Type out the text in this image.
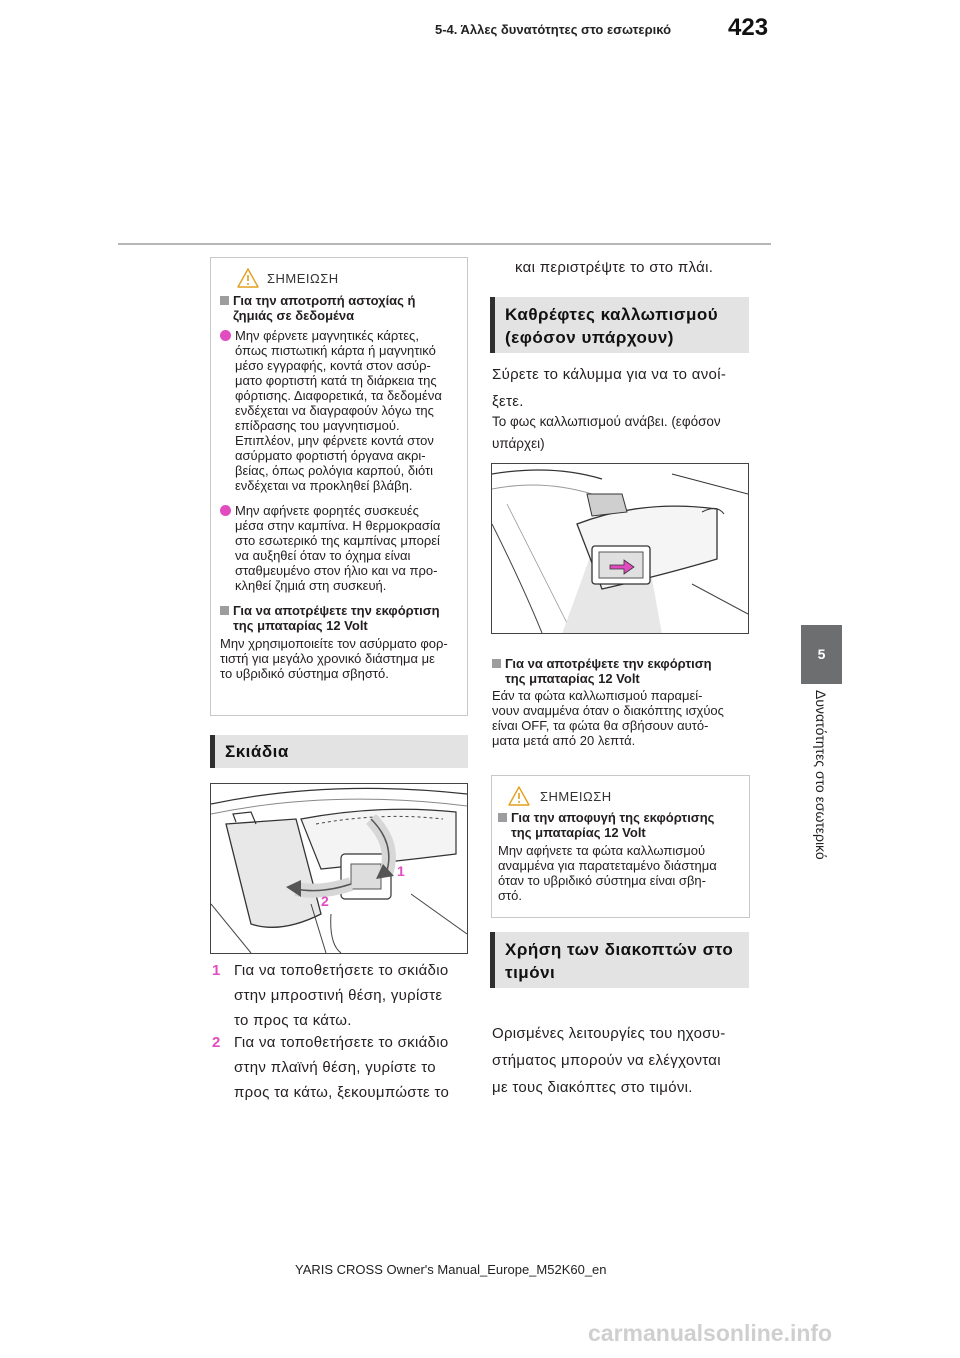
5-4. Άλλες δυνατότητες στο εσωτερικό 423
5
Δυνατότητες στο εσωτερικό
ΣΗΜΕΙΩΣΗ

Για την αποτροπή αστοχίας ή
ζημιάς σε δεδομένα

Μην φέρνετε μαγνητικές κάρτες,
όπως πιστωτική κάρτα ή μαγνητικό
μέσο εγγραφής, κοντά στον ασύρ-
ματο φορτιστή κατά τη διάρκεια της
φόρτισης. Διαφορετικά, τα δεδομένα
ενδέχεται να διαγραφούν λόγω της
επίδρασης του μαγνητισμού.
Επιπλέον, μην φέρνετε κοντά στον
ασύρματο φορτιστή όργανα ακρι-
βείας, όπως ρολόγια καρπού, διότι
ενδέχεται να προκληθεί βλάβη.

Μην αφήνετε φορητές συσκευές
μέσα στην καμπίνα. Η θερμοκρασία
στο εσωτερικό της καμπίνας μπορεί
να αυξηθεί όταν το όχημα είναι
σταθμευμένο στον ήλιο και να προ-
κληθεί ζημιά στη συσκευή.

Για να αποτρέψετε την εκφόρτιση
της μπαταρίας 12 Volt

Μην χρησιμοποιείτε τον ασύρματο φορ-
τιστή για μεγάλο χρονικό διάστημα με
το υβριδικό σύστημα σβηστό.

Σκιάδια
1
2
1 Για να τοποθετήσετε το σκιάδιο
στην μπροστινή θέση, γυρίστε
το προς τα κάτω.
2 Για να τοποθετήσετε το σκιάδιο
στην πλαϊνή θέση, γυρίστε το
προς τα κάτω, ξεκουμπώστε το
και περιστρέψτε το στο πλάι.
Καθρέφτες καλλωπισμού
(εφόσον υπάρχουν)
Σύρετε το κάλυμμα για να το ανοί-
ξετε.
Το φως καλλωπισμού ανάβει. (εφόσον
υπάρχει)

Για να αποτρέψετε την εκφόρτιση
της μπαταρίας 12 Volt

Εάν τα φώτα καλλωπισμού παραμεί-
νουν αναμμένα όταν ο διακόπτης ισχύος
είναι OFF, τα φώτα θα σβήσουν αυτό-
ματα μετά από 20 λεπτά.

ΣΗΜΕΙΩΣΗ

Για την αποφυγή της εκφόρτισης
της μπαταρίας 12 Volt

Μην αφήνετε τα φώτα καλλωπισμού
αναμμένα για παρατεταμένο διάστημα
όταν το υβριδικό σύστημα είναι σβη-
στό.

Χρήση των διακοπτών στο
τιμόνι
Ορισμένες λειτουργίες του ηχοσυ-
στήματος μπορούν να ελέγχονται
με τους διακόπτες στο τιμόνι.
YARIS CROSS Owner's Manual_Europe_M52K60_en
carmanualsonline.info
